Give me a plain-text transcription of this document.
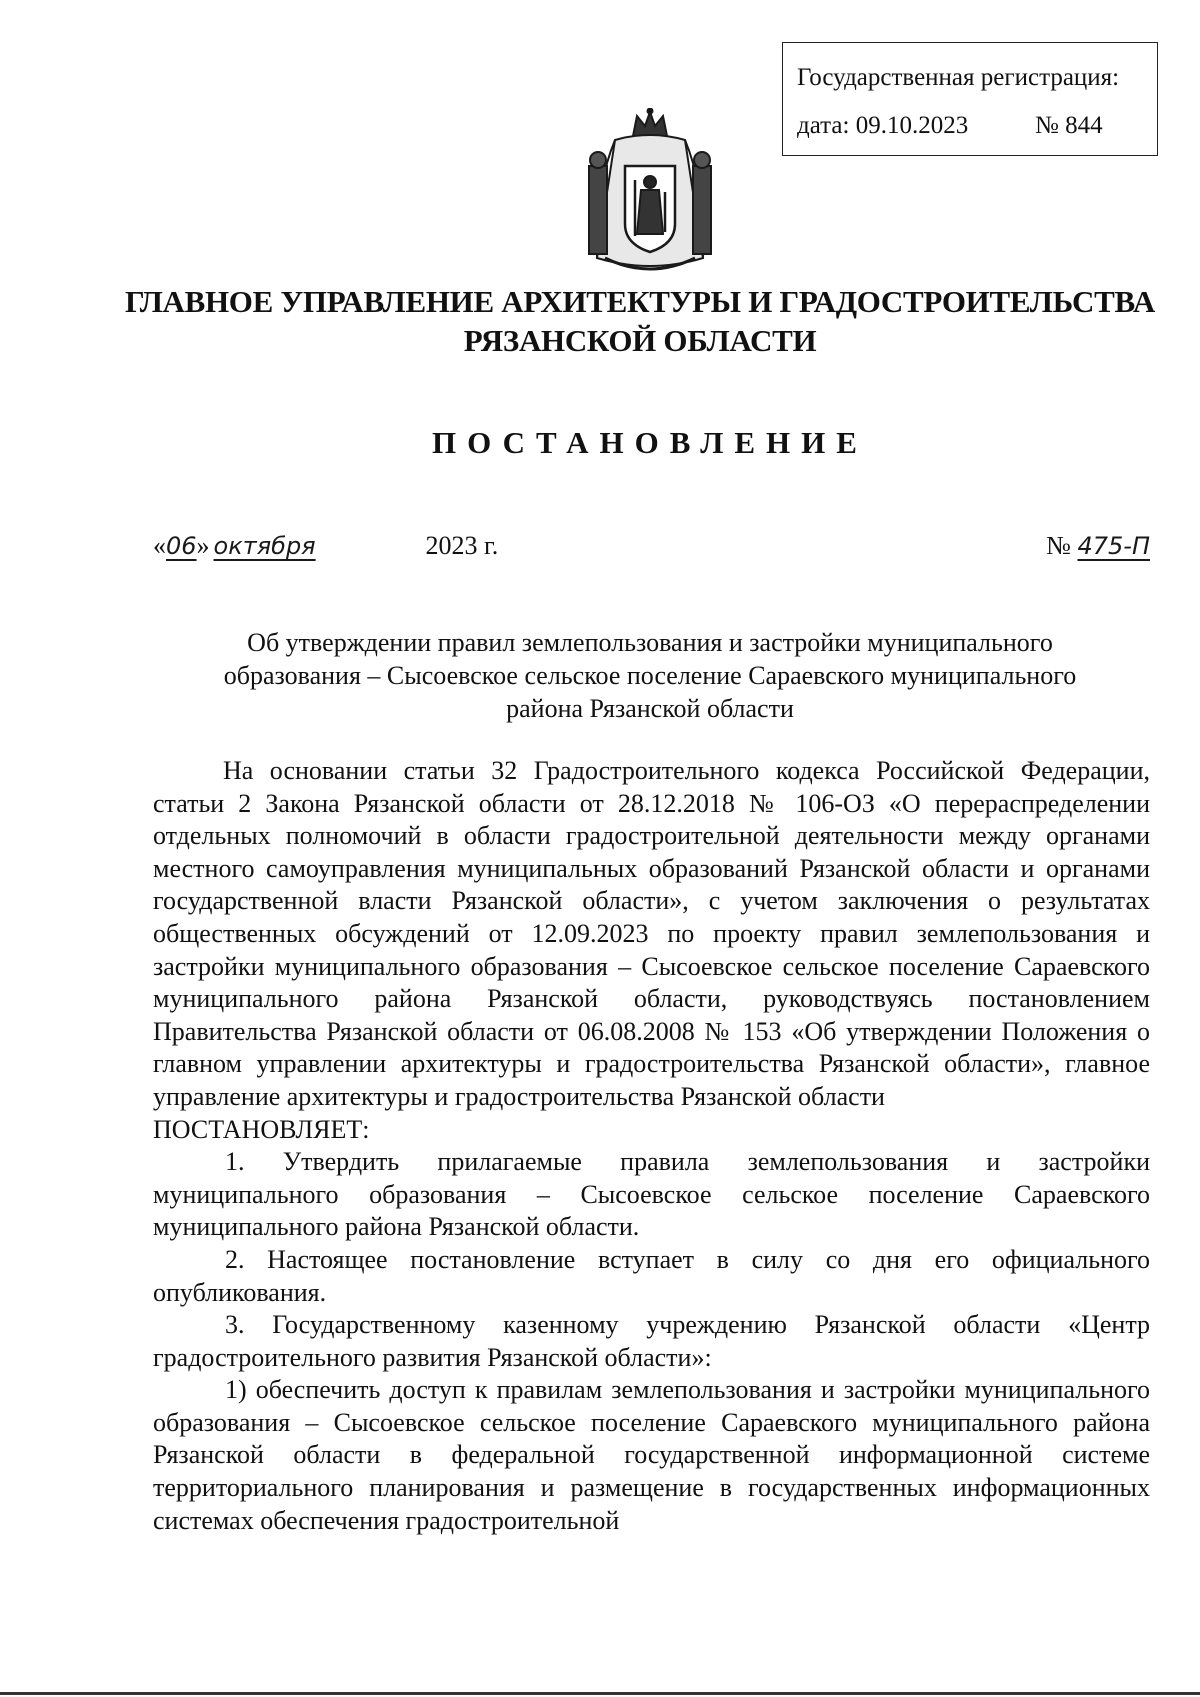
Государственная регистрация:
дата: 09.10.2023	№ 844
ГЛАВНОЕ УПРАВЛЕНИЕ АРХИТЕКТУРЫ И ГРАДОСТРОИТЕЛЬСТВА
РЯЗАНСКОЙ ОБЛАСТИ
ПОСТАНОВЛЕНИЕ
«06» октября	2023 г.	№ 475-П
Об утверждении правил землепользования и застройки муниципального
образования – Сысоевское сельское поселение Сараевского муниципального
района Рязанской области

На основании статьи 32 Градостроительного кодекса Российской Федерации, статьи 2 Закона Рязанской области от 28.12.2018 № 106-ОЗ «О перераспределении отдельных полномочий в области градостроительной деятельности между органами местного самоуправления муниципальных образований Рязанской области и органами государственной власти Рязанской области», с учетом заключения о результатах общественных обсуждений от 12.09.2023 по проекту правил землепользования и застройки муниципального образования – Сысоевское сельское поселение Сараевского муниципального района Рязанской области, руководствуясь постановлением Правительства Рязанской области от 06.08.2008 № 153 «Об утверждении Положения о главном управлении архитектуры и градостроительства Рязанской области», главное управление архитектуры и градостроительства Рязанской области

ПОСТАНОВЛЯЕТ:

1. Утвердить прилагаемые правила землепользования и застройки муниципального образования – Сысоевское сельское поселение Сараевского муниципального района Рязанской области.

2. Настоящее постановление вступает в силу со дня его официального опубликования.

3. Государственному казенному учреждению Рязанской области «Центр градостроительного развития Рязанской области»:

1) обеспечить доступ к правилам землепользования и застройки муниципального образования – Сысоевское сельское поселение Сараевского муниципального района Рязанской области в федеральной государственной информационной системе территориального планирования и размещение в государственных информационных системах обеспечения градостроительной
